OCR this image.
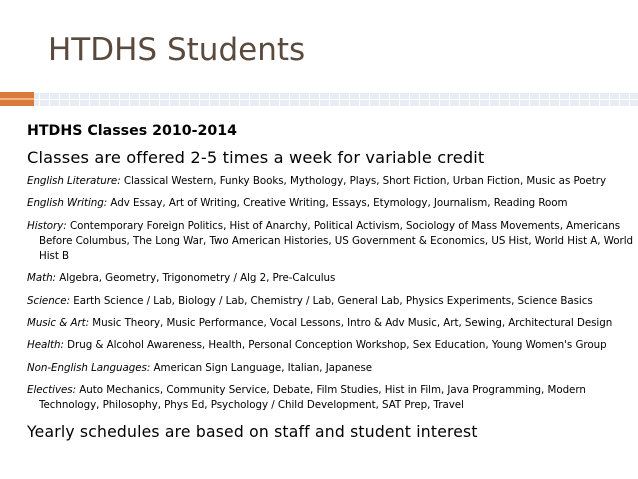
HTDHS Students

HTDHS Classes 2010-2014

Classes are offered 2-5 times a week for variable credit

English Literature: Classical Western, Funky Books, Mythology, Plays, Short Fiction, Urban Fiction, Music as Poetry

English Writing: Adv Essay, Art of Writing, Creative Writing, Essays, Etymology, Journalism, Reading Room

History: Contemporary Foreign Politics, Hist of Anarchy, Political Activism, Sociology of Mass Movements, Americans Before Columbus, The Long War, Two American Histories, US Government & Economics, US Hist, World Hist A, World Hist B

Math: Algebra, Geometry, Trigonometry / Alg 2, Pre-Calculus

Science: Earth Science / Lab, Biology / Lab, Chemistry / Lab, General Lab, Physics Experiments, Science Basics

Music & Art: Music Theory, Music Performance, Vocal Lessons, Intro & Adv Music, Art, Sewing, Architectural Design

Health: Drug & Alcohol Awareness, Health, Personal Conception Workshop, Sex Education, Young Women's Group

Non-English Languages: American Sign Language, Italian, Japanese

Electives: Auto Mechanics, Community Service, Debate, Film Studies, Hist in Film, Java Programming, Modern Technology, Philosophy, Phys Ed, Psychology / Child Development, SAT Prep, Travel

Yearly schedules are based on staff and student interest
